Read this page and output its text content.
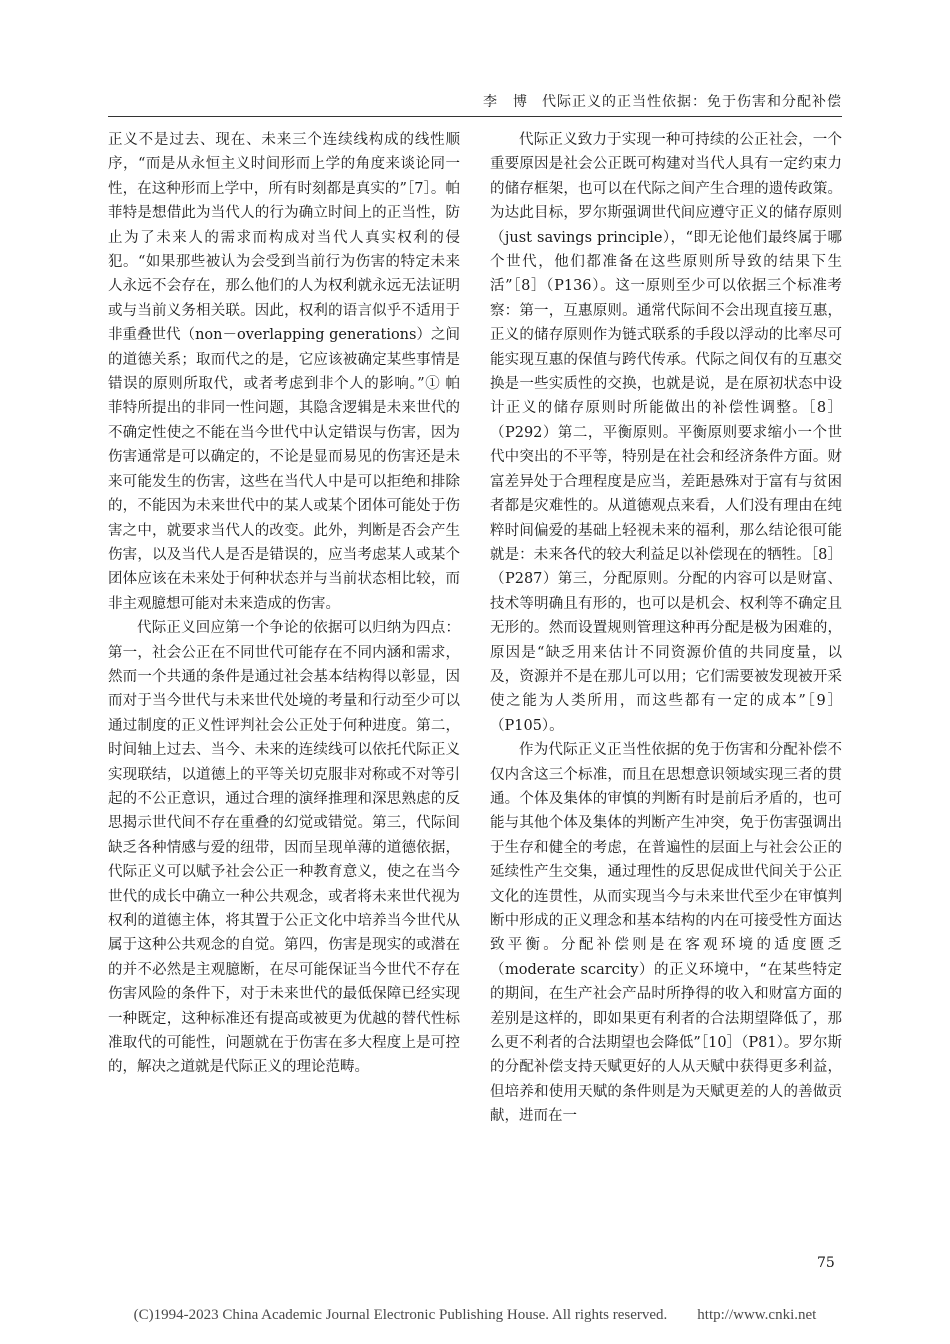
李　博 代际正义的正当性依据：免于伤害和分配补偿

正义不是过去、现在、未来三个连续线构成的线性顺序，“而是从永恒主义时间形而上学的角度来谈论同一性，在这种形而上学中，所有时刻都是真实的”［7］。帕菲特是想借此为当代人的行为确立时间上的正当性，防止为了未来人的需求而构成对当代人真实权利的侵犯。“如果那些被认为会受到当前行为伤害的特定未来人永远不会存在，那么他们的人为权利就永远无法证明或与当前义务相关联。因此，权利的语言似乎不适用于非重叠世代（non－overlapping generations）之间的道德关系；取而代之的是，它应该被确定某些事情是错误的原则所取代，或者考虑到非个人的影响。”① 帕菲特所提出的非同一性问题，其隐含逻辑是未来世代的不确定性使之不能在当今世代中认定错误与伤害，因为伤害通常是可以确定的，不论是显而易见的伤害还是未来可能发生的伤害，这些在当代人中是可以拒绝和排除的，不能因为未来世代中的某人或某个团体可能处于伤害之中，就要求当代人的改变。此外，判断是否会产生伤害，以及当代人是否是错误的，应当考虑某人或某个团体应该在未来处于何种状态并与当前状态相比较，而非主观臆想可能对未来造成的伤害。

代际正义回应第一个争论的依据可以归纳为四点：第一，社会公正在不同世代可能存在不同内涵和需求，然而一个共通的条件是通过社会基本结构得以彰显，因而对于当今世代与未来世代处境的考量和行动至少可以通过制度的正义性评判社会公正处于何种进度。第二，时间轴上过去、当今、未来的连续线可以依托代际正义实现联结，以道德上的平等关切克服非对称或不对等引起的不公正意识，通过合理的演绎推理和深思熟虑的反思揭示世代间不存在重叠的幻觉或错觉。第三，代际间缺乏各种情感与爱的纽带，因而呈现单薄的道德依据，代际正义可以赋予社会公正一种教育意义，使之在当今世代的成长中确立一种公共观念，或者将未来世代视为权利的道德主体，将其置于公正文化中培养当今世代从属于这种公共观念的自觉。第四，伤害是现实的或潜在的并不必然是主观臆断，在尽可能保证当今世代不存在伤害风险的条件下，对于未来世代的最低保障已经实现一种既定，这种标准还有提高或被更为优越的替代性标准取代的可能性，问题就在于伤害在多大程度上是可控的，解决之道就是代际正义的理论范畴。

代际正义致力于实现一种可持续的公正社会，一个重要原因是社会公正既可构建对当代人具有一定约束力的储存框架，也可以在代际之间产生合理的遗传政策。为达此目标，罗尔斯强调世代间应遵守正义的储存原则（just savings principle），“即无论他们最终属于哪个世代，他们都准备在这些原则所导致的结果下生活”［8］（P136）。这一原则至少可以依据三个标准考察：第一，互惠原则。通常代际间不会出现直接互惠，正义的储存原则作为链式联系的手段以浮动的比率尽可能实现互惠的保值与跨代传承。代际之间仅有的互惠交换是一些实质性的交换，也就是说，是在原初状态中设计正义的储存原则时所能做出的补偿性调整。［8］（P292）第二，平衡原则。平衡原则要求缩小一个世代中突出的不平等，特别是在社会和经济条件方面。财富差异处于合理程度是应当，差距悬殊对于富有与贫困者都是灾难性的。从道德观点来看，人们没有理由在纯粹时间偏爱的基础上轻视未来的福利，那么结论很可能就是：未来各代的较大利益足以补偿现在的牺牲。［8］（P287）第三，分配原则。分配的内容可以是财富、技术等明确且有形的，也可以是机会、权利等不确定且无形的。然而设置规则管理这种再分配是极为困难的，原因是“缺乏用来估计不同资源价值的共同度量，以及，资源并不是在那儿可以用；它们需要被发现被开采使之能为人类所用，而这些都有一定的成本”［9］（P105）。

作为代际正义正当性依据的免于伤害和分配补偿不仅内含这三个标准，而且在思想意识领域实现三者的贯通。个体及集体的审慎的判断有时是前后矛盾的，也可能与其他个体及集体的判断产生冲突，免于伤害强调出于生存和健全的考虑，在普遍性的层面上与社会公正的延续性产生交集，通过理性的反思促成世代间关于公正文化的连贯性，从而实现当今与未来世代至少在审慎判断中形成的正义理念和基本结构的内在可接受性方面达致平衡。分配补偿则是在客观环境的适度匮乏（moderate scarcity）的正义环境中，“在某些特定的期间，在生产社会产品时所挣得的收入和财富方面的差别是这样的，即如果更有利者的合法期望降低了，那么更不利者的合法期望也会降低”［10］（P81）。罗尔斯的分配补偿支持天赋更好的人从天赋中获得更多利益，但培养和使用天赋的条件则是为天赋更差的人的善做贡献，进而在一

75
(C)1994-2023 China Academic Journal Electronic Publishing House. All rights reserved.　　http://www.cnki.net
